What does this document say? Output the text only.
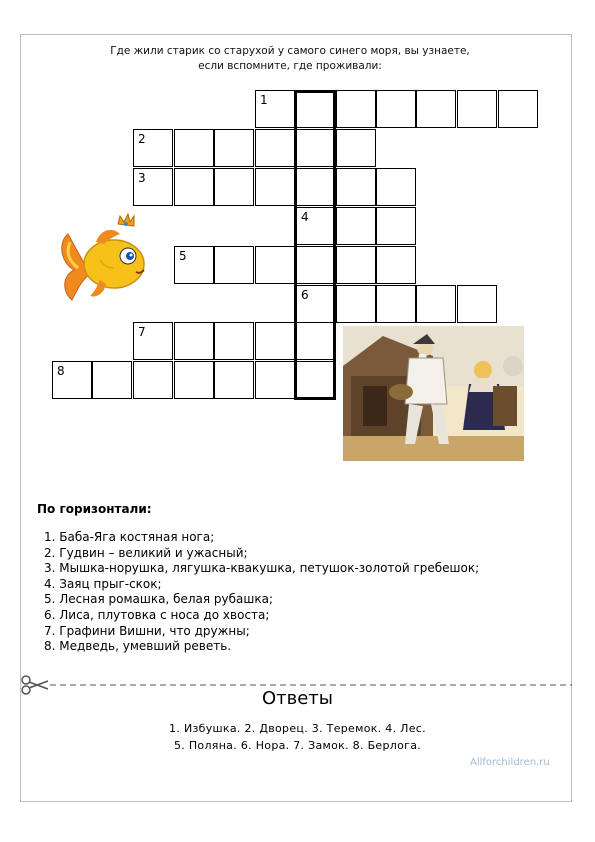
Где жили старик со старухой у самого синего моря, вы узнаете,
если вспомните, где проживали:
1
2
3
4
5
6
7
8
По горизонтали:
1. Баба-Яга костяная нога;
2. Гудвин – великий и ужасный;
3. Мышка-норушка, лягушка-квакушка, петушок-золотой гребешок;
4. Заяц прыг-скок;
5. Лесная ромашка, белая рубашка;
6. Лиса, плутовка с носа до хвоста;
7. Графини Вишни, что дружны;
8. Медведь, умевший реветь.
Ответы
1. Избушка. 2. Дворец. 3. Теремок. 4. Лес.
5. Поляна. 6. Нора. 7. Замок. 8. Берлога.
Allforchildren.ru
